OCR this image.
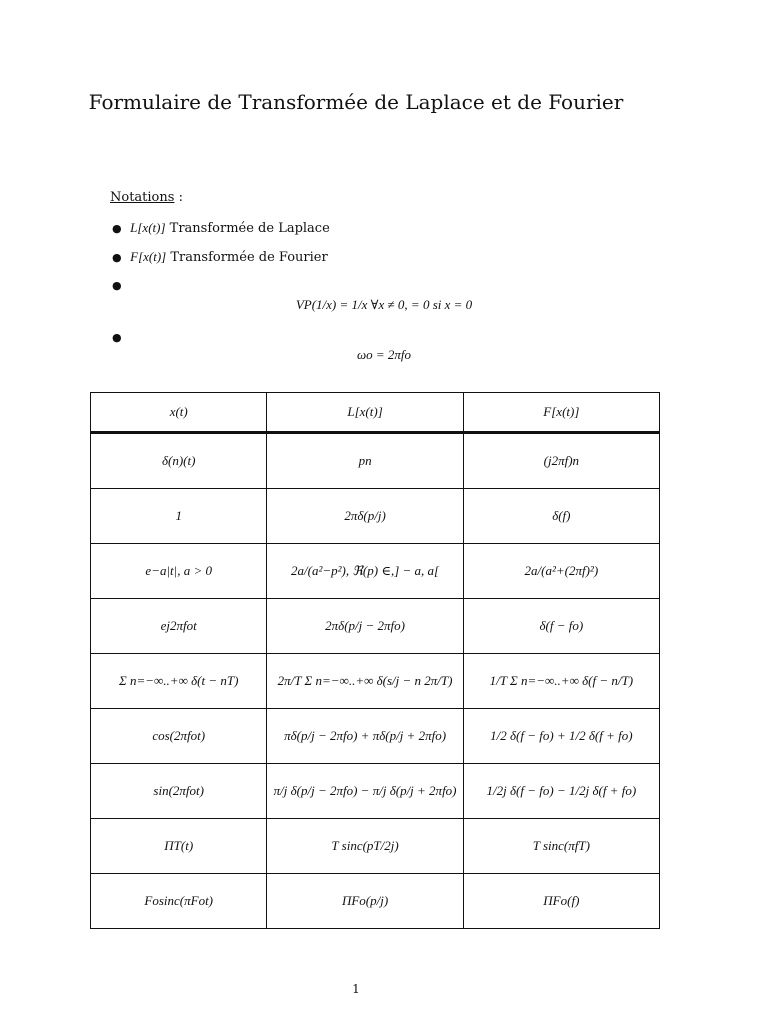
Formulaire de Transformée de Laplace et de Fourier
Notations :
● L[x(t)] Transformée de Laplace
● F[x(t)] Transformée de Fourier
●
VP(1/x) = 1/x ∀x ≠ 0, = 0 si x = 0
●
ωo = 2πfo
x(t)	L[x(t)]	F[x(t)]
δ(n)(t)	pn	(j2πf)n
1	2πδ(p/j)	δ(f)
e−a|t|, a > 0	2a/(a²−p²), ℜ(p) ∈,] − a, a[	2a/(a²+(2πf)²)
ej2πfot	2πδ(p/j − 2πfo)	δ(f − fo)
Σ n=−∞..+∞ δ(t − nT)	2π/T Σ n=−∞..+∞ δ(s/j − n 2π/T)	1/T Σ n=−∞..+∞ δ(f − n/T)
cos(2πfot)	πδ(p/j − 2πfo) + πδ(p/j + 2πfo)	1/2 δ(f − fo) + 1/2 δ(f + fo)
sin(2πfot)	π/j δ(p/j − 2πfo) − π/j δ(p/j + 2πfo)	1/2j δ(f − fo) − 1/2j δ(f + fo)
ΠT(t)	T sinc(pT/2j)	T sinc(πfT)
Fosinc(πFot)	ΠFo(p/j)	ΠFo(f)
1
